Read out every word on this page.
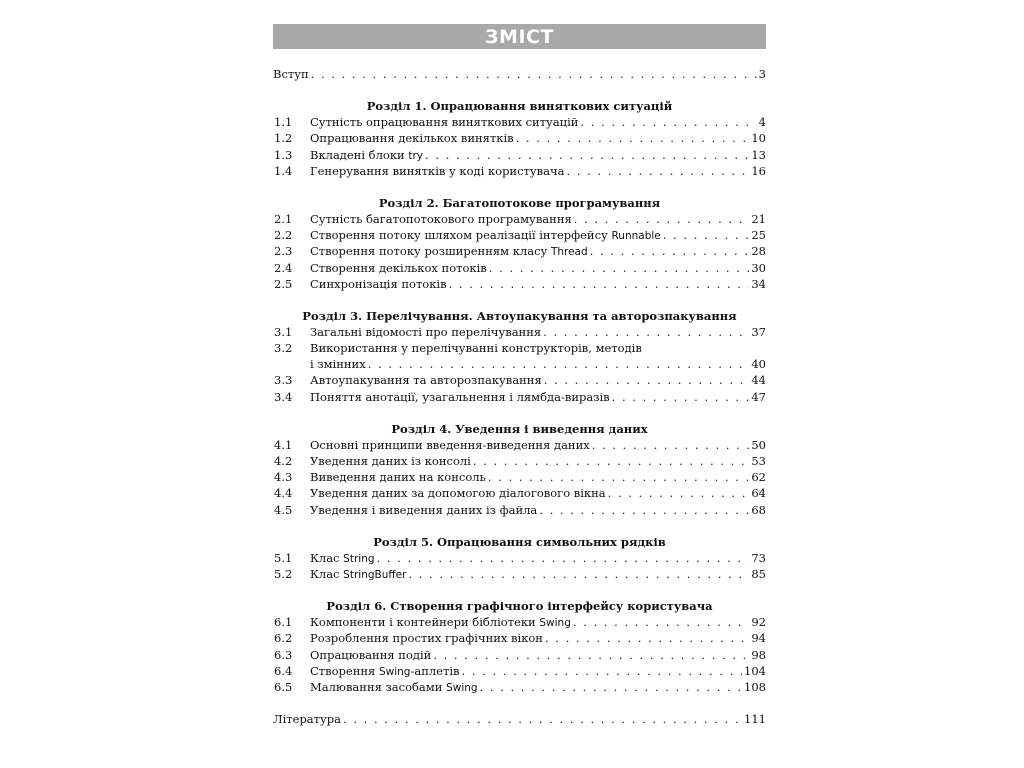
ЗМІСТ
Вступ . . .	3
Розділ 1. Опрацювання виняткових ситуацій
1.1	Сутність опрацювання виняткових ситуацій . . .	4
1.2	Опрацювання декількох винятків . . .	10
1.3	Вкладені блоки try . . .	13
1.4	Генерування винятків у коді користувача . . .	16
Розділ 2. Багатопотокове програмування
2.1	Сутність багатопотокового програмування . . .	21
2.2	Створення потоку шляхом реалізації інтерфейсу Runnable . . .	25
2.3	Створення потоку розширенням класу Thread . . .	28
2.4	Створення декількох потоків . . .	30
2.5	Синхронізація потоків . . .	34
Розділ 3. Перелічування. Автоупакування та авторозпакування
3.1	Загальні відомості про перелічування . . .	37
3.2	Використання у перелічуванні конструкторів, методів
і змінних . . .	40
3.3	Автоупакування та авторозпакування . . .	44
3.4	Поняття анотації, узагальнення і лямбда-виразів . . .	47
Розділ 4. Уведення і виведення даних
4.1	Основні принципи введення-виведення даних . . .	50
4.2	Уведення даних із консолі . . .	53
4.3	Виведення даних на консоль . . .	62
4.4	Уведення даних за допомогою діалогового вікна . . .	64
4.5	Уведення і виведення даних із файла . . .	68
Розділ 5. Опрацювання символьних рядків
5.1	Клас String . . .	73
5.2	Клас StringBuffer . . .	85
Розділ 6. Створення графічного інтерфейсу користувача
6.1	Компоненти і контейнери бібліотеки Swing . . .	92
6.2	Розроблення простих графічних вікон . . .	94
6.3	Опрацювання подій . . .	98
6.4	Створення Swing-аплетів . . .	104
6.5	Малювання засобами Swing . . .	108
Література . . .	111
